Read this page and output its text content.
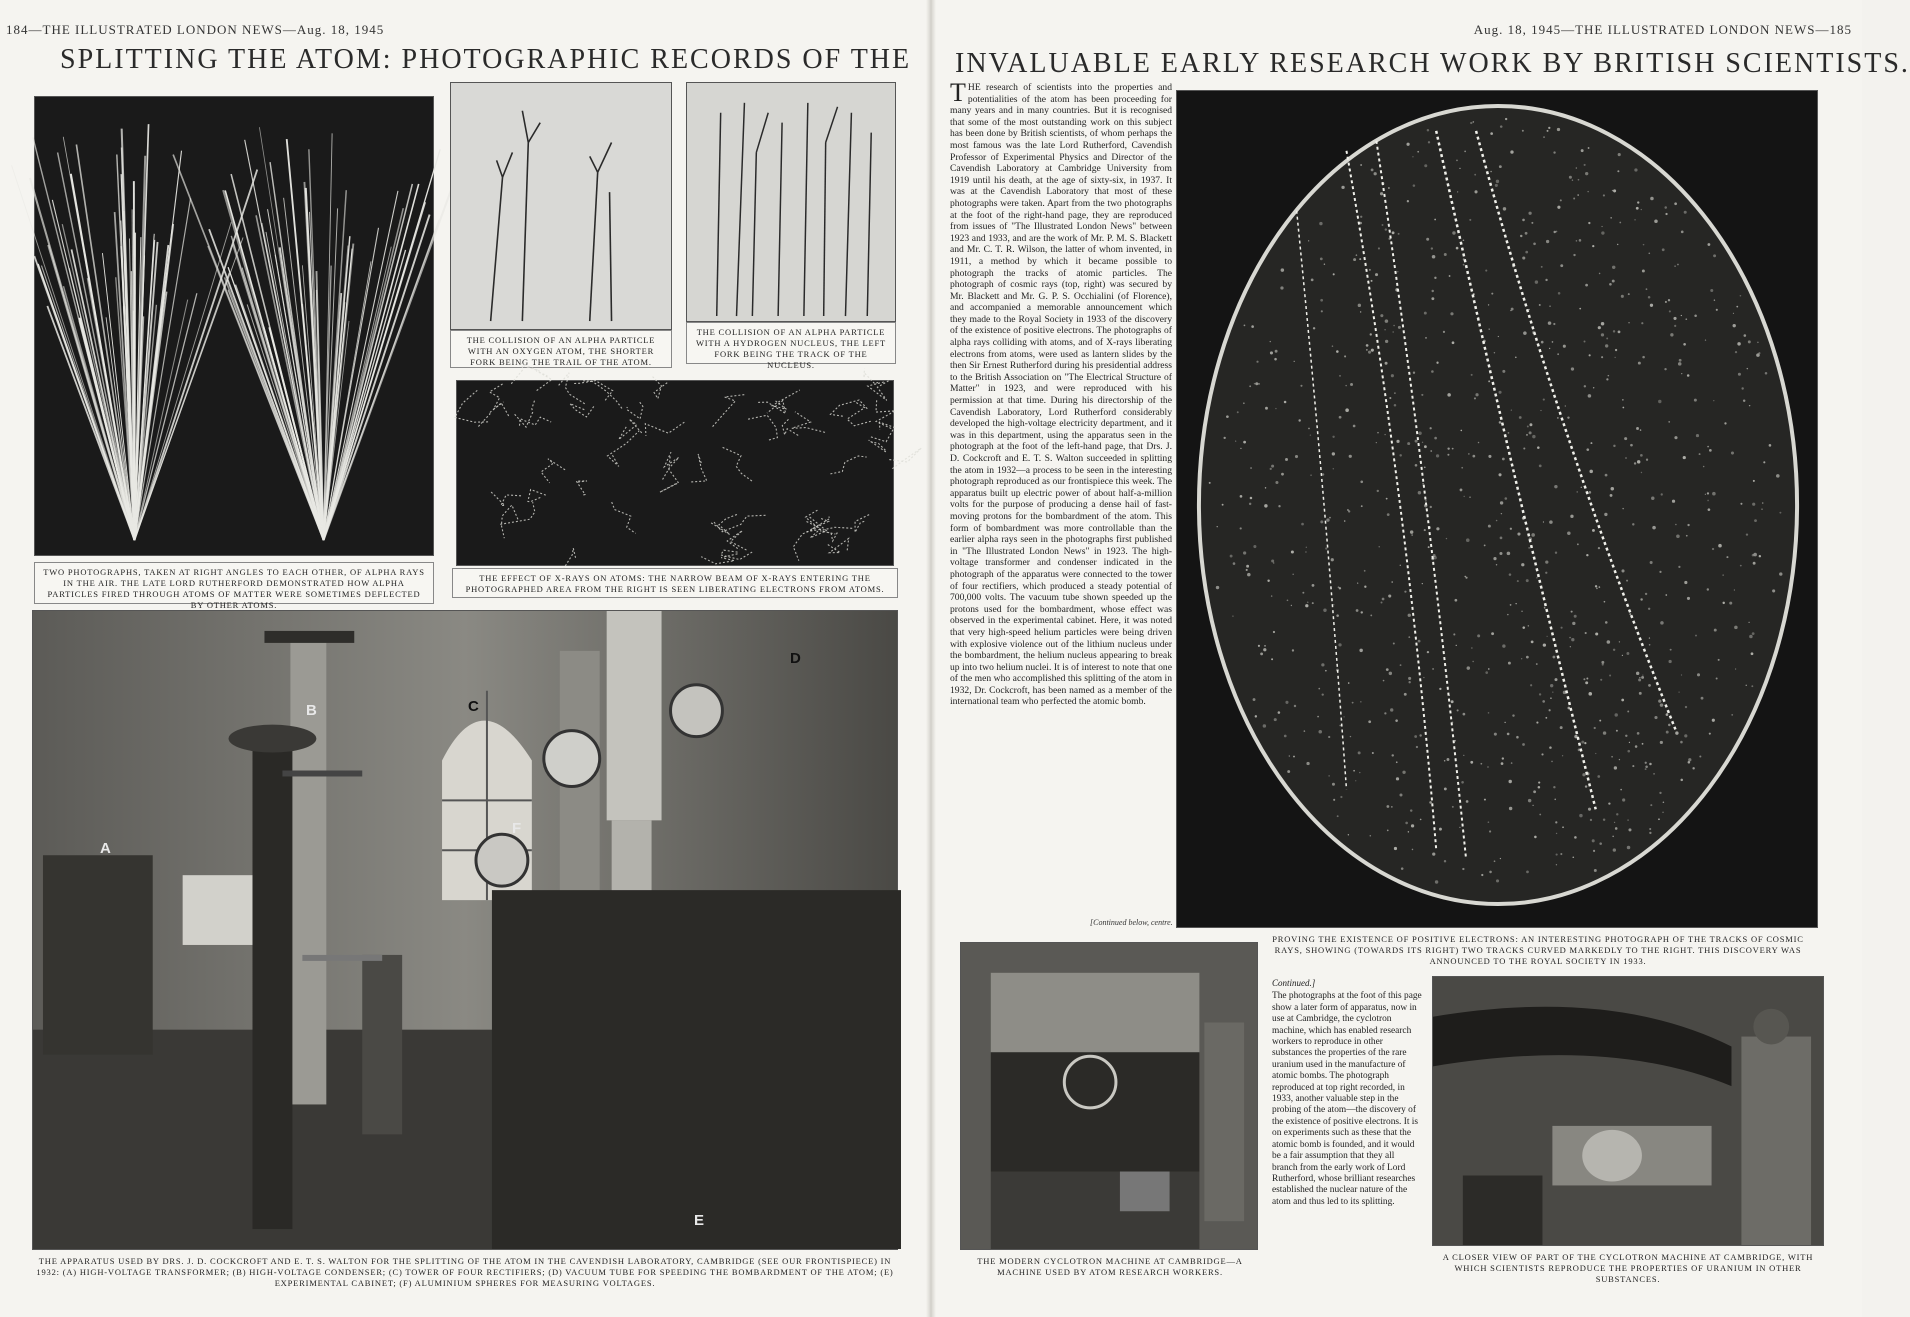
184—THE ILLUSTRATED LONDON NEWS—Aug. 18, 1945	Aug. 18, 1945—THE ILLUSTRATED LONDON NEWS—185
SPLITTING THE ATOM: PHOTOGRAPHIC RECORDS OF THE INVALUABLE EARLY RESEARCH WORK BY BRITISH SCIENTISTS.
TWO PHOTOGRAPHS, TAKEN AT RIGHT ANGLES TO EACH OTHER, OF ALPHA RAYS IN THE AIR. THE LATE LORD RUTHERFORD DEMONSTRATED HOW ALPHA PARTICLES FIRED THROUGH ATOMS OF MATTER WERE SOMETIMES DEFLECTED BY OTHER ATOMS.
THE COLLISION OF AN ALPHA PARTICLE WITH AN OXYGEN ATOM, THE SHORTER FORK BEING THE TRAIL OF THE ATOM.
THE COLLISION OF AN ALPHA PARTICLE WITH A HYDROGEN NUCLEUS, THE LEFT FORK BEING THE TRACK OF THE NUCLEUS.
THE EFFECT OF X-RAYS ON ATOMS: THE NARROW BEAM OF X-RAYS ENTERING THE PHOTOGRAPHED AREA FROM THE RIGHT IS SEEN LIBERATING ELECTRONS FROM ATOMS.
A
B	C
D
E
F
THE APPARATUS USED BY DRS. J. D. COCKCROFT AND E. T. S. WALTON FOR THE SPLITTING OF THE ATOM IN THE CAVENDISH LABORATORY, CAMBRIDGE (SEE OUR FRONTISPIECE) IN 1932: (A) HIGH-VOLTAGE TRANSFORMER; (B) HIGH-VOLTAGE CONDENSER; (C) TOWER OF FOUR RECTIFIERS; (D) VACUUM TUBE FOR SPEEDING THE BOMBARDMENT OF THE ATOM; (E) EXPERIMENTAL CABINET; (F) ALUMINIUM SPHERES FOR MEASURING VOLTAGES.
T HE research of scientists into the properties and potentialities of the atom has been proceeding for many years and in many countries. But it is recognised that some of the most outstanding work on this subject has been done by British scientists, of whom perhaps the most famous was the late Lord Rutherford, Cavendish Professor of Experimental Physics and Director of the Cavendish Laboratory at Cambridge University from 1919 until his death, at the age of sixty-six, in 1937. It was at the Cavendish Laboratory that most of these photographs were taken. Apart from the two photographs at the foot of the right-hand page, they are reproduced from issues of "The Illustrated London News" between 1923 and 1933, and are the work of Mr. P. M. S. Blackett and Mr. C. T. R. Wilson, the latter of whom invented, in 1911, a method by which it became possible to photograph the tracks of atomic particles. The photograph of cosmic rays (top, right) was secured by Mr. Blackett and Mr. G. P. S. Occhialini (of Florence), and accompanied a memorable announcement which they made to the Royal Society in 1933 of the discovery of the existence of positive electrons. The photographs of alpha rays colliding with atoms, and of X-rays liberating electrons from atoms, were used as lantern slides by the then Sir Ernest Rutherford during his presidential address to the British Association on "The Electrical Structure of Matter" in 1923, and were reproduced with his permission at that time. During his directorship of the Cavendish Laboratory, Lord Rutherford considerably developed the high-voltage electricity department, and it was in this department, using the apparatus seen in the photograph at the foot of the left-hand page, that Drs. J. D. Cockcroft and E. T. S. Walton succeeded in splitting the atom in 1932—a process to be seen in the interesting photograph reproduced as our frontispiece this week. The apparatus built up electric power of about half-a-million volts for the purpose of producing a dense hail of fast-moving protons for the bombardment of the atom. This form of bombardment was more controllable than the earlier alpha rays seen in the photographs first published in "The Illustrated London News" in 1923. The high-voltage transformer and condenser indicated in the photograph of the apparatus were connected to the tower of four rectifiers, which produced a steady potential of 700,000 volts. The vacuum tube shown speeded up the protons used for the bombardment, whose effect was observed in the experimental cabinet. Here, it was noted that very high-speed helium particles were being driven with explosive violence out of the lithium nucleus under the bombardment, the helium nucleus appearing to break up into two helium nuclei. It is of interest to note that one of the men who accomplished this splitting of the atom in 1932, Dr. Cockcroft, has been named as a member of the international team who perfected the atomic bomb.
[Continued below, centre.
PROVING THE EXISTENCE OF POSITIVE ELECTRONS: AN INTERESTING PHOTOGRAPH OF THE TRACKS OF COSMIC RAYS, SHOWING (TOWARDS ITS RIGHT) TWO TRACKS CURVED MARKEDLY TO THE RIGHT. THIS DISCOVERY WAS ANNOUNCED TO THE ROYAL SOCIETY IN 1933.
THE MODERN CYCLOTRON MACHINE AT CAMBRIDGE—A MACHINE USED BY ATOM RESEARCH WORKERS.
Continued.]
The photographs at the foot of this page show a later form of apparatus, now in use at Cambridge, the cyclotron machine, which has enabled research workers to reproduce in other substances the properties of the rare uranium used in the manufacture of atomic bombs. The photograph reproduced at top right recorded, in 1933, another valuable step in the probing of the atom—the discovery of the existence of positive electrons. It is on experiments such as these that the atomic bomb is founded, and it would be a fair assumption that they all branch from the early work of Lord Rutherford, whose brilliant researches established the nuclear nature of the atom and thus led to its splitting.
A CLOSER VIEW OF PART OF THE CYCLOTRON MACHINE AT CAMBRIDGE, WITH WHICH SCIENTISTS REPRODUCE THE PROPERTIES OF URANIUM IN OTHER SUBSTANCES.
